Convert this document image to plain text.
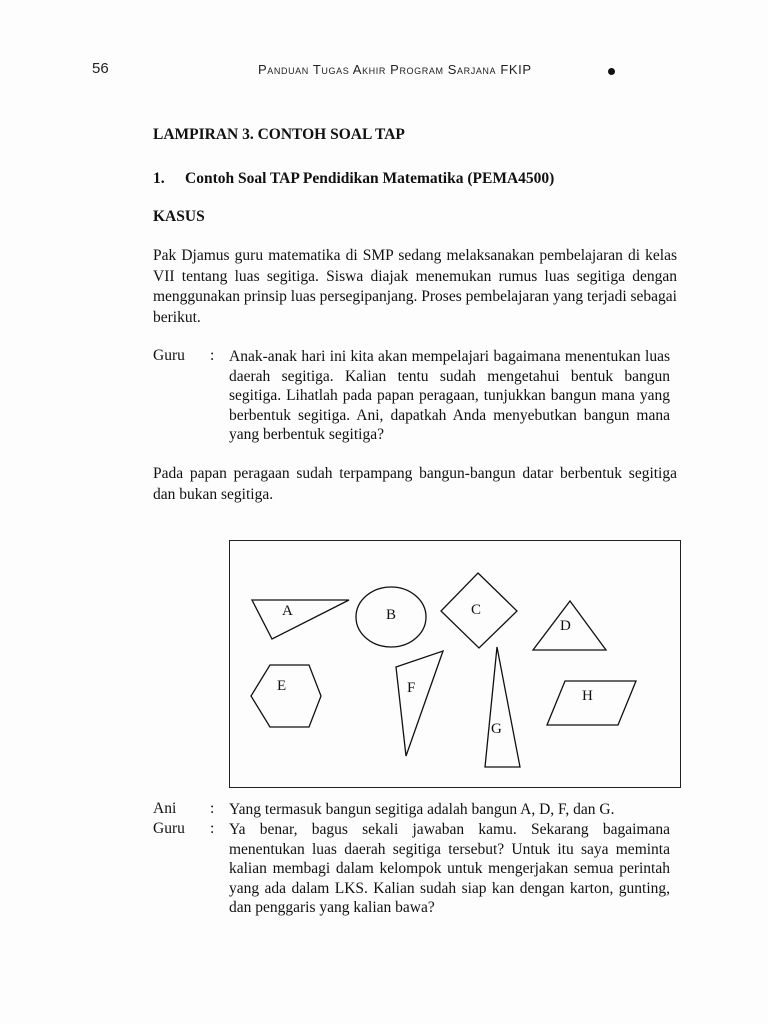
56	Panduan Tugas Akhir Program Sarjana FKIP
LAMPIRAN 3. CONTOH SOAL TAP
1. Contoh Soal TAP Pendidikan Matematika (PEMA4500)
KASUS
Pak Djamus guru matematika di SMP sedang melaksanakan pembelajaran di kelas VII tentang luas segitiga. Siswa diajak menemukan rumus luas segitiga dengan menggunakan prinsip luas persegipanjang. Proses pembelajaran yang terjadi sebagai berikut.
Guru : Anak-anak hari ini kita akan mempelajari bagaimana menentukan luas daerah segitiga. Kalian tentu sudah mengetahui bentuk bangun segitiga. Lihatlah pada papan peragaan, tunjukkan bangun mana yang berbentuk segitiga. Ani, dapatkah Anda menyebutkan bangun mana yang berbentuk segitiga?
Pada papan peragaan sudah terpampang bangun-bangun datar berbentuk segitiga dan bukan segitiga.
A	B	C
D
E	F
G
H
Ani : Yang termasuk bangun segitiga adalah bangun A, D, F, dan G.
Guru : Ya benar, bagus sekali jawaban kamu. Sekarang bagaimana menentukan luas daerah segitiga tersebut? Untuk itu saya meminta kalian membagi dalam kelompok untuk mengerjakan semua perintah yang ada dalam LKS. Kalian sudah siap kan dengan karton, gunting, dan penggaris yang kalian bawa?
